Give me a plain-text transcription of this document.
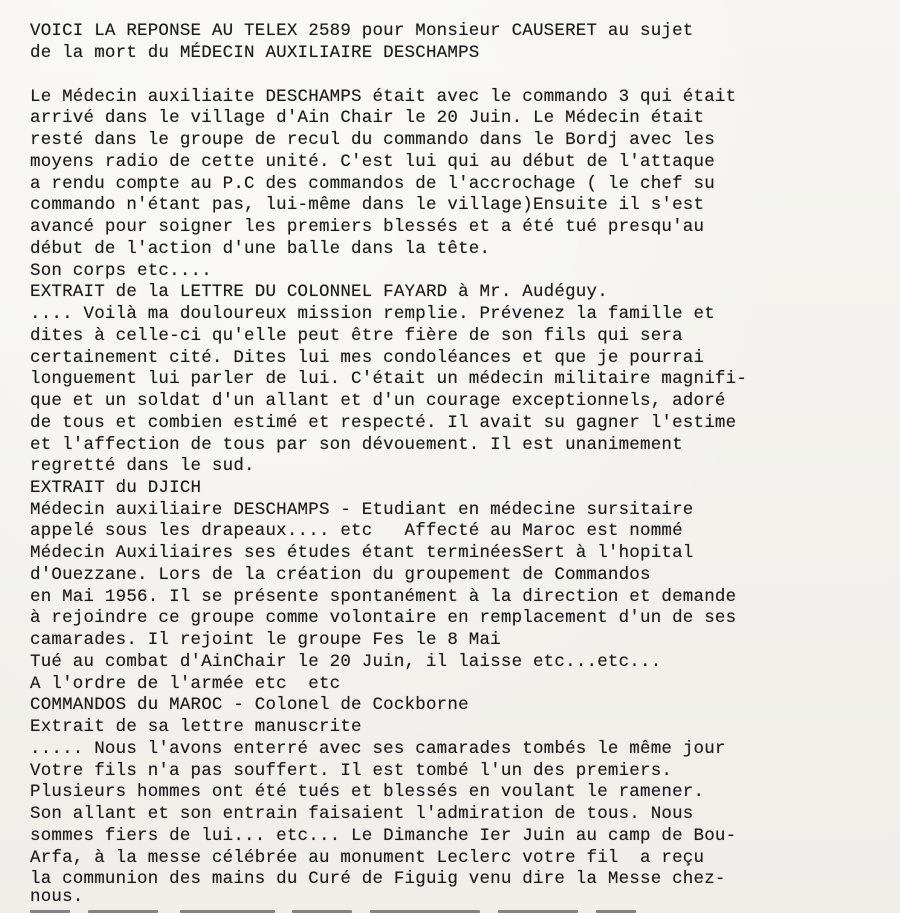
VOICI LA REPONSE AU TELEX 2589 pour Monsieur CAUSERET au sujet
de la mort du MÉDECIN AUXILIAIRE DESCHAMPS
Le Médecin auxiliaite DESCHAMPS était avec le commando 3 qui était
arrivé dans le village d'Ain Chair le 20 Juin. Le Médecin était
resté dans le groupe de recul du commando dans le Bordj avec les
moyens radio de cette unité. C'est lui qui au début de l'attaque
a rendu compte au P.C des commandos de l'accrochage ( le chef su
commando n'étant pas, lui-même dans le village)Ensuite il s'est
avancé pour soigner les premiers blessés et a été tué presqu'au
début de l'action d'une balle dans la tête.
Son corps etc....
EXTRAIT de la LETTRE DU COLONNEL FAYARD à Mr. Audéguy.
.... Voilà ma douloureux mission remplie. Prévenez la famille et
dites à celle-ci qu'elle peut être fière de son fils qui sera
certainement cité. Dites lui mes condoléances et que je pourrai
longuement lui parler de lui. C'était un médecin militaire magnifi-
que et un soldat d'un allant et d'un courage exceptionnels, adoré
de tous et combien estimé et respecté. Il avait su gagner l'estime
et l'affection de tous par son dévouement. Il est unanimement
regretté dans le sud.
EXTRAIT du DJICH
Médecin auxiliaire DESCHAMPS - Etudiant en médecine sursitaire
appelé sous les drapeaux.... etc   Affecté au Maroc est nommé
Médecin Auxiliaires ses études étant terminéesSert à l'hopital
d'Ouezzane. Lors de la création du groupement de Commandos
en Mai 1956. Il se présente spontanément à la direction et demande
à rejoindre ce groupe comme volontaire en remplacement d'un de ses
camarades. Il rejoint le groupe Fes le 8 Mai
Tué au combat d'AinChair le 20 Juin, il laisse etc...etc...
A l'ordre de l'armée etc  etc
COMMANDOS du MAROC - Colonel de Cockborne
Extrait de sa lettre manuscrite
..... Nous l'avons enterré avec ses camarades tombés le même jour
Votre fils n'a pas souffert. Il est tombé l'un des premiers.
Plusieurs hommes ont été tués et blessés en voulant le ramener.
Son allant et son entrain faisaient l'admiration de tous. Nous
sommes fiers de lui... etc... Le Dimanche Ier Juin au camp de Bou-
Arfa, à la messe célébrée au monument Leclerc votre fil  a reçu
la communion des mains du Curé de Figuig venu dire la Messe chez-
nous.
